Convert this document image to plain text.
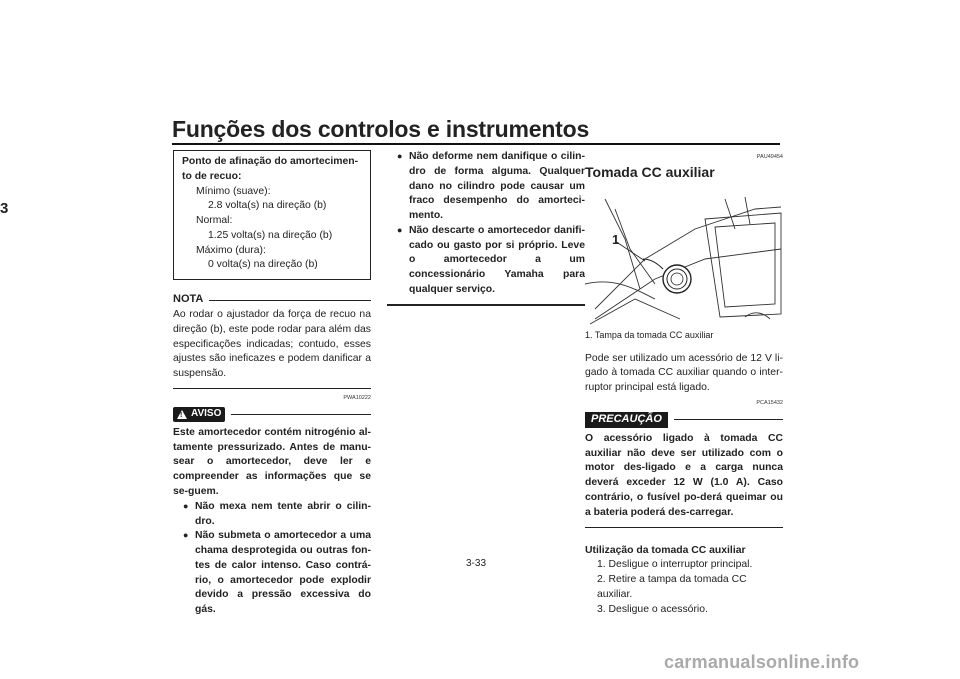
Funções dos controlos e instrumentos
3
Ponto de afinação do amortecimen-to de recuo:
Mínimo (suave):
2.8 volta(s) na direção (b)
Normal:
1.25 volta(s) na direção (b)
Máximo (dura):
0 volta(s) na direção (b)
NOTA
Ao rodar o ajustador da força de recuo na direção (b), este pode rodar para além das especificações indicadas; contudo, esses ajustes são ineficazes e podem danificar a suspensão.
PWA10222
!
AVISO
Este amortecedor contém nitrogénio al-tamente pressurizado. Antes de manu-sear o amortecedor, deve ler e compreender as informações que se se-guem.
● Não mexa nem tente abrir o cilin-dro.
● Não submeta o amortecedor a uma chama desprotegida ou outras fon-tes de calor intenso. Caso contrá-rio, o amortecedor pode explodir devido a pressão excessiva do gás.
● Não deforme nem danifique o cilin-dro de forma alguma. Qualquer dano no cilindro pode causar um fraco desempenho do amorteci-mento.
● Não descarte o amortecedor danifi-cado ou gasto por si próprio. Leve o amortecedor a um concessionário Yamaha para qualquer serviço.
PAU49454
Tomada CC auxiliar
1
1. Tampa da tomada CC auxiliar
Pode ser utilizado um acessório de 12 V li-gado à tomada CC auxiliar quando o inter-ruptor principal está ligado.
PCA15432
PRECAUÇÃO
O acessório ligado à tomada CC auxiliar não deve ser utilizado com o motor des-ligado e a carga nunca deverá exceder 12 W (1.0 A). Caso contrário, o fusível po-derá queimar ou a bateria poderá des-carregar.
Utilização da tomada CC auxiliar
1. Desligue o interruptor principal.
2. Retire a tampa da tomada CC auxiliar.
3. Desligue o acessório.
3-33
carmanualsonline.info
